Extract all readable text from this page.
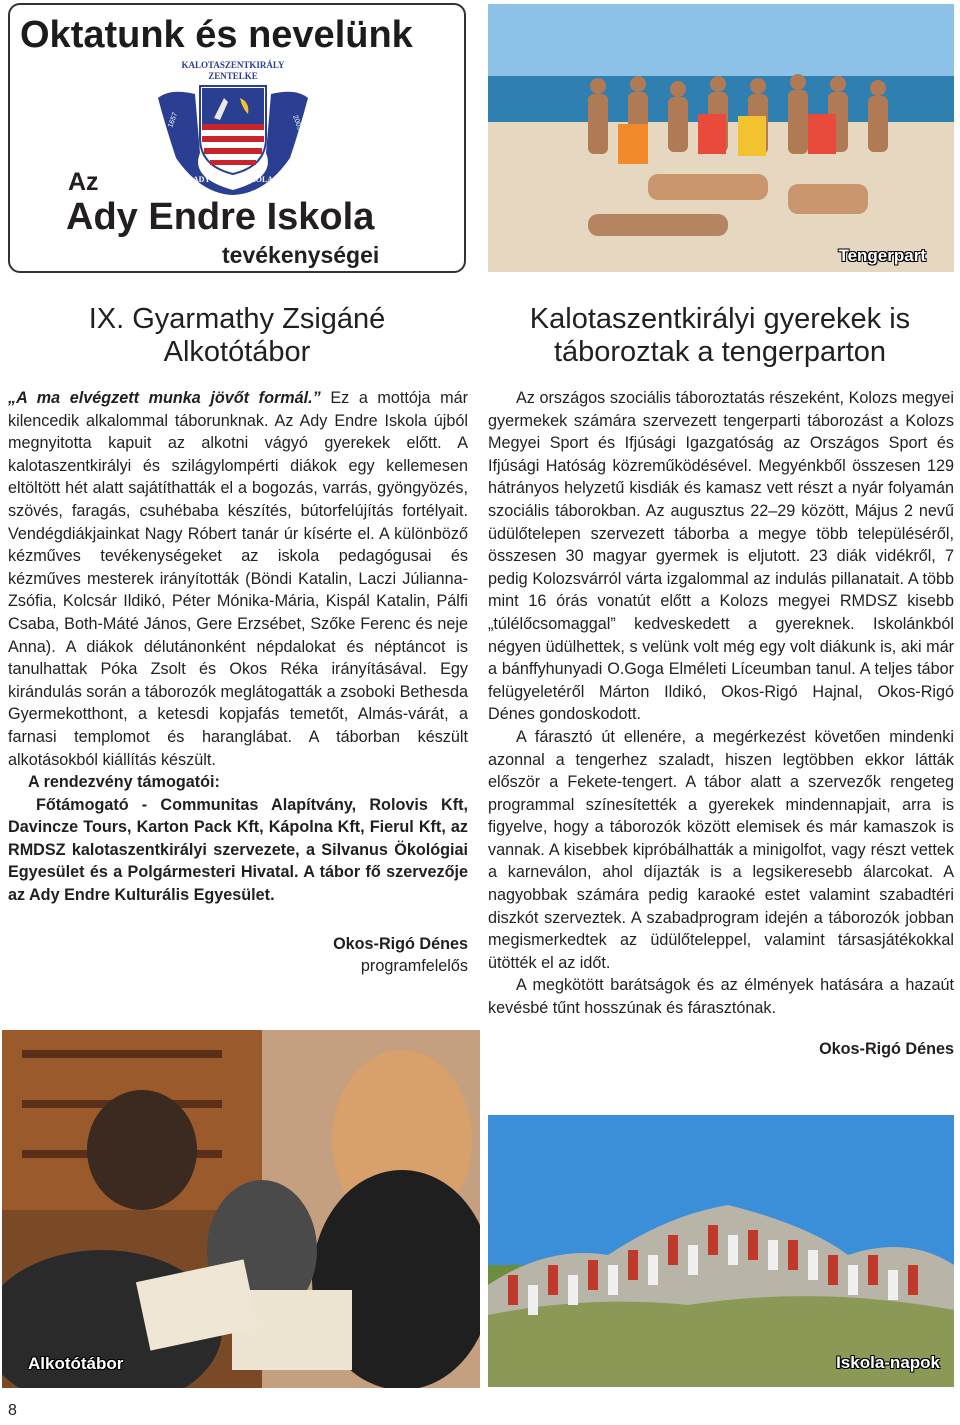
Oktatunk és nevelünk
KALOTASZENTKIRÁLY
ZENTELKE
1657	2003
ADY ENDRE ISKOLA
Az
Ady Endre Iskola
tevékenységei
IX. Gyarmathy Zsigáné
Alkotótábor

„A ma elvégzett munka jövőt formál.” Ez a mottója már kilencedik alkalommal táborunknak. Az Ady Endre Iskola újból megnyitotta kapuit az alkotni vágyó gyerekek előtt. A kalotaszentkirályi és szilágylompérti diákok egy kellemesen eltöltött hét alatt sajátíthatták el a bogozás, varrás, gyöngyözés, szövés, faragás, csuhébaba készítés, bútorfelújítás fortélyait. Vendégdiákjainkat Nagy Róbert tanár úr kísérte el. A különböző kézműves tevékenységeket az iskola pedagógusai és kézműves mesterek irányították (Böndi Katalin, Laczi Júlianna-Zsófia, Kolcsár Ildikó, Péter Mónika-Mária, Kispál Katalin, Pálfi Csaba, Both-Máté János, Gere Erzsébet, Szőke Ferenc és neje Anna). A diákok délutánonként népdalokat és néptáncot is tanulhattak Póka Zsolt és Okos Réka irányításával. Egy kirándulás során a táborozók meglátogatták a zsoboki Bethesda Gyermekotthont, a ketesdi kopjafás temetőt, Almás-várát, a farnasi templomot és haranglábat. A táborban készült alkotásokból kiállítás készült.

A rendezvény támogatói:

Főtámogató - Communitas Alapítvány, Rolovis Kft, Davincze Tours, Karton Pack Kft, Kápolna Kft, Fierul Kft, az RMDSZ kalotaszentkirályi szervezete, a Silvanus Ökológiai Egyesület és a Polgármesteri Hivatal. A tábor fő szervezője az Ady Endre Kulturális Egyesület.

Okos-Rigó Dénes
programfelelős
Tengerpart
Kalotaszentkirályi gyerekek is
táboroztak a tengerparton

Az országos szociális táboroztatás részeként, Kolozs megyei gyermekek számára szervezett tengerparti táborozást a Kolozs Megyei Sport és Ifjúsági Igazgatóság az Országos Sport és Ifjúsági Hatóság közreműködésével. Megyénkből összesen 129 hátrányos helyzetű kisdiák és kamasz vett részt a nyár folyamán szociális táborokban. Az augusztus 22–29 között, Május 2 nevű üdülőtelepen szervezett táborba a megye több településéről, összesen 30 magyar gyermek is eljutott. 23 diák vidékről, 7 pedig Kolozsvárról várta izgalommal az indulás pillanatait. A több mint 16 órás vonatút előtt a Kolozs megyei RMDSZ kisebb „túlélőcsomaggal” kedveskedett a gyereknek. Iskolánkból négyen üdülhettek, s velünk volt még egy volt diákunk is, aki már a bánffyhunyadi O.Goga Elméleti Líceumban tanul. A teljes tábor felügyeletéről Márton Ildikó, Okos-Rigó Hajnal, Okos-Rigó Dénes gondoskodott.

A fárasztó út ellenére, a megérkezést követően mindenki azonnal a tengerhez szaladt, hiszen legtöbben ekkor látták először a Fekete-tengert. A tábor alatt a szervezők rengeteg programmal színesítették a gyerekek mindennapjait, arra is figyelve, hogy a táborozók között elemisek és már kamaszok is vannak. A kisebbek kipróbálhatták a minigolfot, vagy részt vettek a karneválon, ahol díjazták is a legsikeresebb álarcokat. A nagyobbak számára pedig karaoké estet valamint szabadtéri diszkót szerveztek. A szabadprogram idején a táborozók jobban megismerkedtek az üdülőteleppel, valamint társasjátékokkal ütötték el az időt.

A megkötött barátságok és az élmények hatására a hazaút kevésbé tűnt hosszúnak és fárasztónak.

Okos-Rigó Dénes
Alkotótábor	Iskola-napok
8
